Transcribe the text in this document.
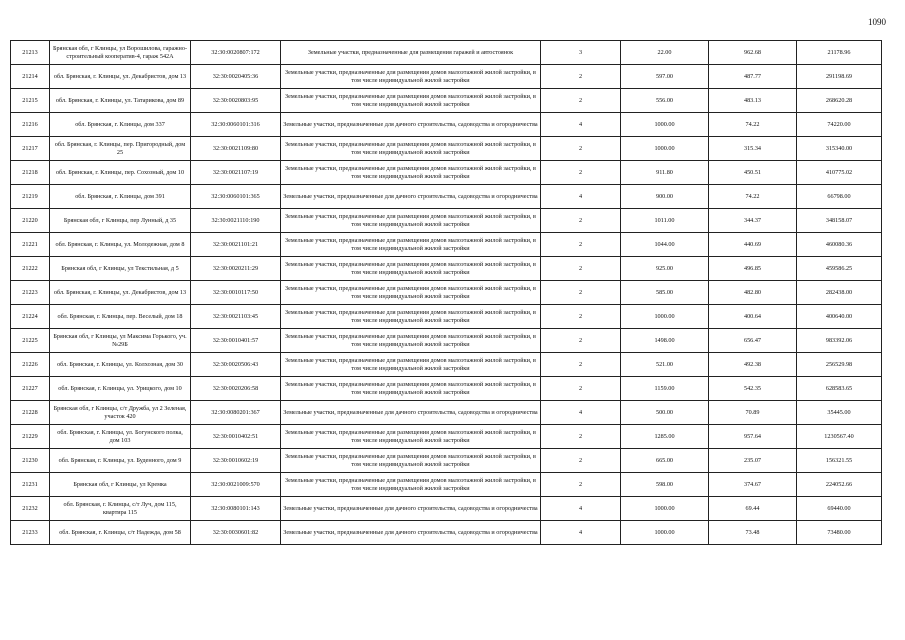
1090
21213	Брянская обл, г Клинцы, ул Ворошилова, гаражно-строительный кооператив-4, гараж 542А	32:30:0020807:172	Земельные участки, предназначенные для размещения гаражей и автостоянок	3	22.00	962.68	21178.96
21214	обл. Брянская, г. Клинцы, ул. Декабристов, дом 13	32:30:0020405:36	Земельные участки, предназначенные для размещения домов малоэтажной жилой застройки, в том числе индивидуальной жилой застройки	2	597.00	487.77	291198.69
21215	обл. Брянская, г. Клинцы, ул. Татарикова, дом 89	32:30:0020803:95	Земельные участки, предназначенные для размещения домов малоэтажной жилой застройки, в том числе индивидуальной жилой застройки	2	556.00	483.13	268620.28
21216	обл. Брянская, г. Клинцы, дом 337	32:30:0060101:316	Земельные участки, предназначенные для дачного строительства, садоводства и огородничества	4	1000.00	74.22	74220.00
21217	обл. Брянская, г. Клинцы, пер. Пригородный, дом 25	32:30:0021109:80	Земельные участки, предназначенные для размещения домов малоэтажной жилой застройки, в том числе индивидуальной жилой застройки	2	1000.00	315.34	315340.00
21218	обл. Брянская, г. Клинцы, пер. Сохозный, дом 10	32:30:0021107:19	Земельные участки, предназначенные для размещения домов малоэтажной жилой застройки, в том числе индивидуальной жилой застройки	2	911.80	450.51	410775.02
21219	обл. Брянская, г. Клинцы, дом 391	32:30:0060101:365	Земельные участки, предназначенные для дачного строительства, садоводства и огородничества	4	900.00	74.22	66798.00
21220	Брянская обл, г Клинцы, пер Лунный, д 35	32:30:0021110:190	Земельные участки, предназначенные для размещения домов малоэтажной жилой застройки, в том числе индивидуальной жилой застройки	2	1011.00	344.37	348158.07
21221	обл. Брянская, г. Клинцы, ул. Молодежная, дом 8	32:30:0021101:21	Земельные участки, предназначенные для размещения домов малоэтажной жилой застройки, в том числе индивидуальной жилой застройки	2	1044.00	440.69	460080.36
21222	Брянская обл, г Клинцы, ул Текстильная, д 5	32:30:0020211:29	Земельные участки, предназначенные для размещения домов малоэтажной жилой застройки, в том числе индивидуальной жилой застройки	2	925.00	496.85	459586.25
21223	обл. Брянская, г. Клинцы, ул. Декабристов, дом 13	32:30:0010117:50	Земельные участки, предназначенные для размещения домов малоэтажной жилой застройки, в том числе индивидуальной жилой застройки	2	585.00	482.80	282438.00
21224	обл. Брянская, г. Клинцы, пер. Веселый, дом 18	32:30:0021103:45	Земельные участки, предназначенные для размещения домов малоэтажной жилой застройки, в том числе индивидуальной жилой застройки	2	1000.00	400.64	400640.00
21225	Брянская обл, г Клинцы, ул Максима Горького, уч.№29Б	32:30:0010401:57	Земельные участки, предназначенные для размещения домов малоэтажной жилой застройки, в том числе индивидуальной жилой застройки	2	1498.00	656.47	983392.06
21226	обл. Брянская, г. Клинцы, ул. Колхозная, дом 30	32:30:0020506:43	Земельные участки, предназначенные для размещения домов малоэтажной жилой застройки, в том числе индивидуальной жилой застройки	2	521.00	492.38	256529.98
21227	обл. Брянская, г. Клинцы, ул. Урицкого, дом 10	32:30:0020206:58	Земельные участки, предназначенные для размещения домов малоэтажной жилой застройки, в том числе индивидуальной жилой застройки	2	1159.00	542.35	628583.65
21228	Брянская обл, г Клинцы, с/т Дружба, ул 2 Зеленая, участок 420	32:30:0080201:367	Земельные участки, предназначенные для дачного строительства, садоводства и огородничества	4	500.00	70.89	35445.00
21229	обл. Брянская, г. Клинцы, ул. Богунского полка, дом 103	32:30:0010402:51	Земельные участки, предназначенные для размещения домов малоэтажной жилой застройки, в том числе индивидуальной жилой застройки	2	1285.00	957.64	1230567.40
21230	обл. Брянская, г. Клинцы, ул. Буденного, дом 9	32:30:0010602:19	Земельные участки, предназначенные для размещения домов малоэтажной жилой застройки, в том числе индивидуальной жилой застройки	2	665.00	235.07	156321.55
21231	Брянская обл, г Клинцы, ул Кремка	32:30:0021009:570	Земельные участки, предназначенные для размещения домов малоэтажной жилой застройки, в том числе индивидуальной жилой застройки	2	598.00	374.67	224052.66
21232	обл. Брянская, г. Клинцы, с/т Луч, дом 115, квартира 115	32:30:0080101:143	Земельные участки, предназначенные для дачного строительства, садоводства и огородничества	4	1000.00	69.44	69440.00
21233	обл. Брянская, г. Клинцы, с/т Надежда, дом 58	32:30:0030601:82	Земельные участки, предназначенные для дачного строительства, садоводства и огородничества	4	1000.00	73.48	73480.00
